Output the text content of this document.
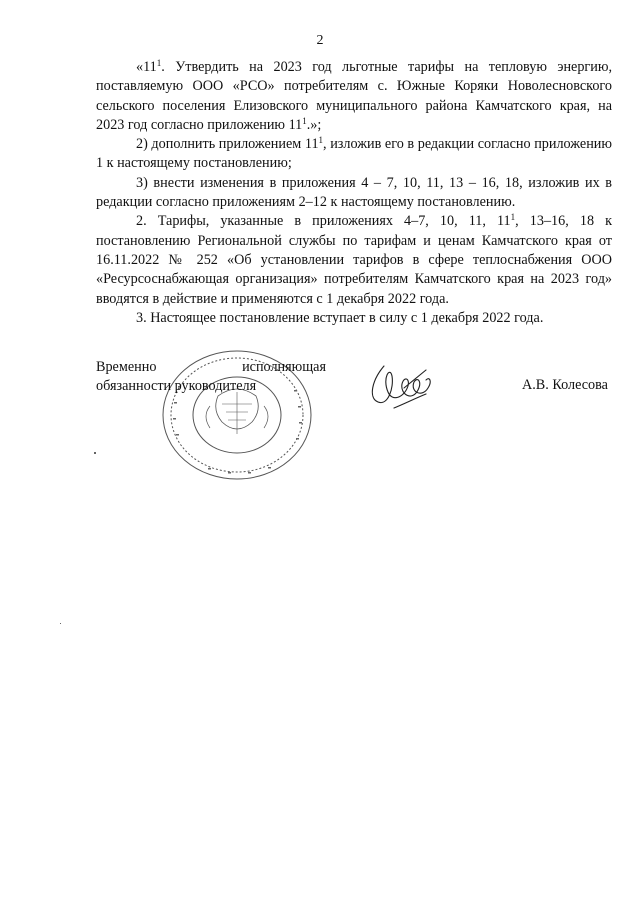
2

«$11^1$. Утвердить на 2023 год льготные тарифы на тепловую энергию, поставляемую ООО «РСО» потребителям с. Южные Коряки Новолесновского сельского поселения Елизовского муниципального района Камчатского края, на 2023 год согласно приложению $11^1$.»;

2) дополнить приложением $11^1$, изложив его в редакции согласно приложению 1 к настоящему постановлению;

3) внести изменения в приложения 4 – 7, 10, 11, 13 – 16, 18, изложив их в редакции согласно приложениям 2–12 к настоящему постановлению.

2. Тарифы, указанные в приложениях 4–7, 10, 11, $11^1$, 13–16, 18 к постановлению Региональной службы по тарифам и ценам Камчатского края от 16.11.2022 № 252 «Об установлении тарифов в сфере теплоснабжения ООО «Ресурсоснабжающая организация» потребителям Камчатского края на 2023 год» вводятся в действие и применяются с 1 декабря 2022 года.

3. Настоящее постановление вступает в силу с 1 декабря 2022 года.

Временно	исполняющая
обязанности руководителя	А.В. Колесова
